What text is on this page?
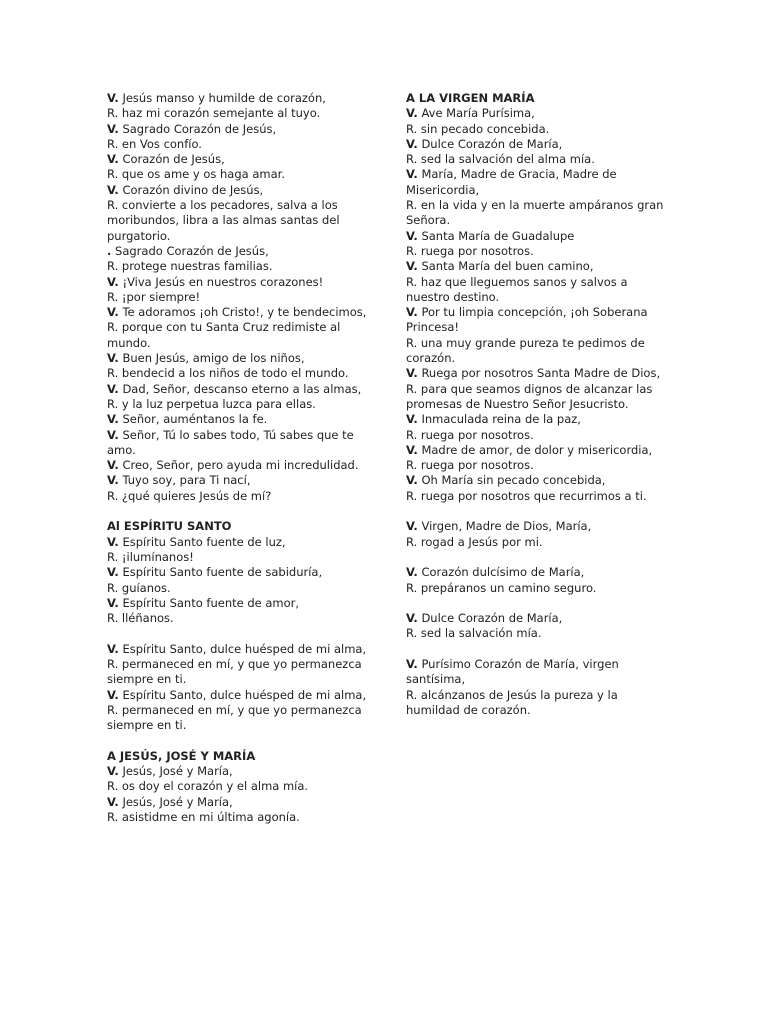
V. Jesús manso y humilde de corazón,
R. haz mi corazón semejante al tuyo.
V. Sagrado Corazón de Jesús,
R. en Vos confío.
V. Corazón de Jesús,
R. que os ame y os haga amar.
V. Corazón divino de Jesús,
R. convierte a los pecadores, salva a los moribundos, libra a las almas santas del purgatorio.
. Sagrado Corazón de Jesús,
R. protege nuestras familias.
V. ¡Viva Jesús en nuestros corazones!
R. ¡por siempre!
V. Te adoramos ¡oh Cristo!, y te bendecimos,
R. porque con tu Santa Cruz redimiste al mundo.
V. Buen Jesús, amigo de los niños,
R. bendecid a los niños de todo el mundo.
V. Dad, Señor, descanso eterno a las almas,
R. y la luz perpetua luzca para ellas.
V. Señor, auméntanos la fe.
V. Señor, Tú lo sabes todo, Tú sabes que te amo.
V. Creo, Señor, pero ayuda mi incredulidad.
V. Tuyo soy, para Ti nací,
R. ¿qué quieres Jesús de mí?
Al ESPÍRITU SANTO
V. Espíritu Santo fuente de luz,
R. ¡ilumínanos!
V. Espíritu Santo fuente de sabiduría,
R. guíanos.
V. Espíritu Santo fuente de amor,
R. lléñanos.
V. Espíritu Santo, dulce huésped de mi alma,
R. permaneced en mí, y que yo permanezca siempre en ti.
V. Espíritu Santo, dulce huésped de mi alma,
R. permaneced en mí, y que yo permanezca siempre en ti.
A JESÚS, JOSÉ Y MARÍA
V. Jesús, José y María,
R. os doy el corazón y el alma mía.
V. Jesús, José y María,
R. asistidme en mi última agonía.
A LA VIRGEN MARÍA
V. Ave María Purísima,
R. sin pecado concebida.
V. Dulce Corazón de María,
R. sed la salvación del alma mía.
V. María, Madre de Gracia, Madre de Misericordia,
R. en la vida y en la muerte ampáranos gran Señora.
V. Santa María de Guadalupe
R. ruega por nosotros.
V. Santa María del buen camino,
R. haz que lleguemos sanos y salvos a nuestro destino.
V. Por tu limpia concepción, ¡oh Soberana Princesa!
R. una muy grande pureza te pedimos de corazón.
V. Ruega por nosotros Santa Madre de Dios,
R. para que seamos dignos de alcanzar las promesas de Nuestro Señor Jesucristo.
V. Inmaculada reina de la paz,
R. ruega por nosotros.
V. Madre de amor, de dolor y misericordia,
R. ruega por nosotros.
V. Oh María sin pecado concebida,
R. ruega por nosotros que recurrimos a ti.
V. Virgen, Madre de Dios, María,
R. rogad a Jesús por mi.
V. Corazón dulcísimo de María,
R. prepáranos un camino seguro.
V. Dulce Corazón de María,
R. sed la salvación mía.
V. Purísimo Corazón de María, virgen santísima,
R. alcánzanos de Jesús la pureza y la humildad de corazón.
